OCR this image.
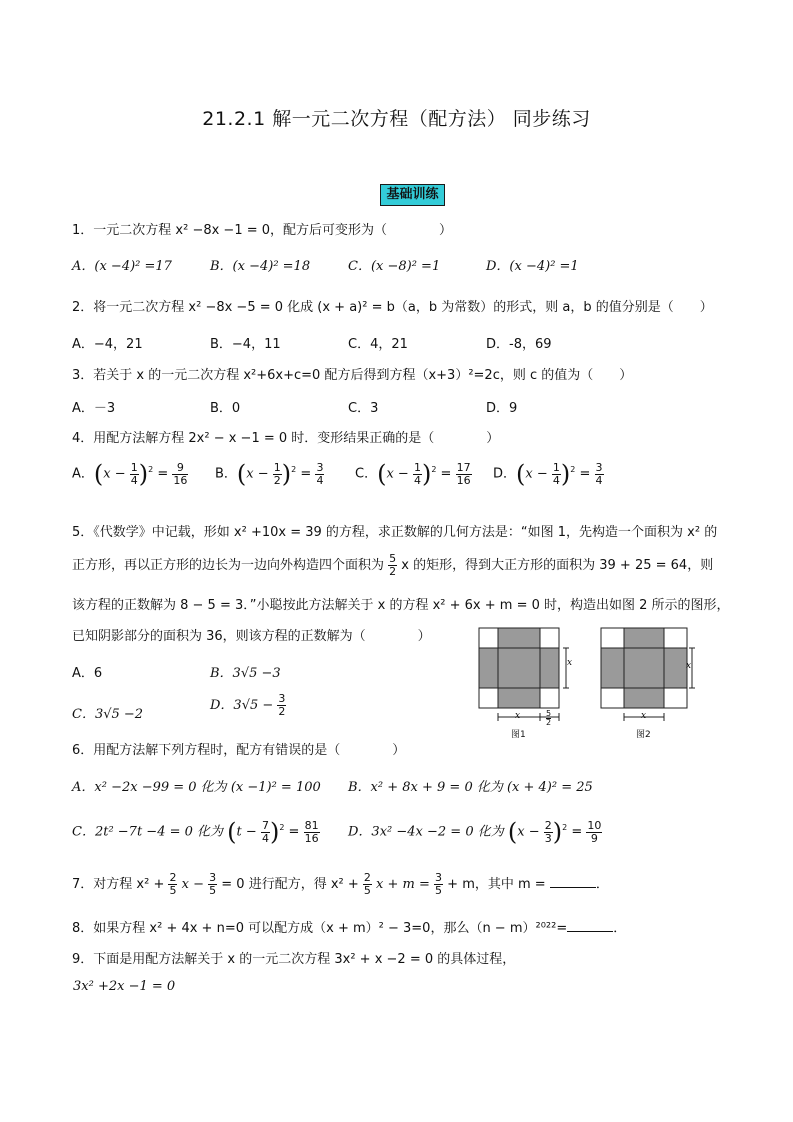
21.2.1 解一元二次方程（配方法） 同步练习
基础训练
1．一元二次方程 x² −8x −1 = 0，配方后可变形为（　　　　）
A．(x −4)² =17	B．(x −4)² =18	C．(x −8)² =1	D．(x −4)² =1
2．将一元二次方程 x² −8x −5 = 0 化成 (x + a)² = b（a，b 为常数）的形式，则 a，b 的值分别是（　　）
A．−4，21	B．−4，11	C．4，21	D．-8，69
3．若关于 x 的一元二次方程 x²+6x+c=0 配方后得到方程（x+3）²=2c，则 c 的值为（　　）
A．－3	B．0	C．3	D．9
4．用配方法解方程 2x² − x −1 = 0 时．变形结果正确的是（　　　　）
A．$(x - \frac{1}{4} )^2 = \frac{9}{16}$ B．$(x - \frac{1}{2} )^2 = \frac{3}{4}$ C．$(x - \frac{1}{4} )^2 = \frac{17}{16}$ D．$(x - \frac{1}{4} )^2 = \frac{3}{4}$
5．《代数学》中记载，形如 x² +10x = 39 的方程，求正数解的几何方法是：“如图 1，先构造一个面积为 x² 的
正方形，再以正方形的边长为一边向外构造四个面积为 $\frac{5}{2}$ x 的矩形，得到大正方形的面积为 39 + 25 = 64，则
该方程的正数解为 8 − 5 = 3．”小聪按此方法解关于 x 的方程 x² + 6x + m = 0 时，构造出如图 2 所示的图形，
已知阴影部分的面积为 36，则该方程的正数解为（　　　　）
A．6	B．3√5 −3
C．3√5 −2
D．$3√5 - \frac{3}{2}$
x
x	5
2
图1
x
x
图2
6．用配方法解下列方程时，配方有错误的是（　　　　）
A．x² −2x −99 = 0 化为 (x −1)² = 100 B．x² + 8x + 9 = 0 化为 (x + 4)² = 25
C．2t² −7t −4 = 0 化为 $(t - \frac{7}{4} )^2 = \frac{81}{16}$ D．3x² −4x −2 = 0 化为 $(x - \frac{2}{3} )^2 = \frac{10}{9}$
7．对方程 $x^2 + \frac{2}{5}$ $x - \frac{3}{5} = 0$ 进行配方，得 $x^2 + \frac{2}{5}$ $x + m = \frac{3}{5} + m$，其中 m =	．
8．如果方程 x² + 4x + n=0 可以配方成（x + m）² − 3=0，那么（n − m）²⁰²²=	．
9．下面是用配方法解关于 x 的一元二次方程 3x² + x −2 = 0 的具体过程，
3x² +2x −1 = 0
